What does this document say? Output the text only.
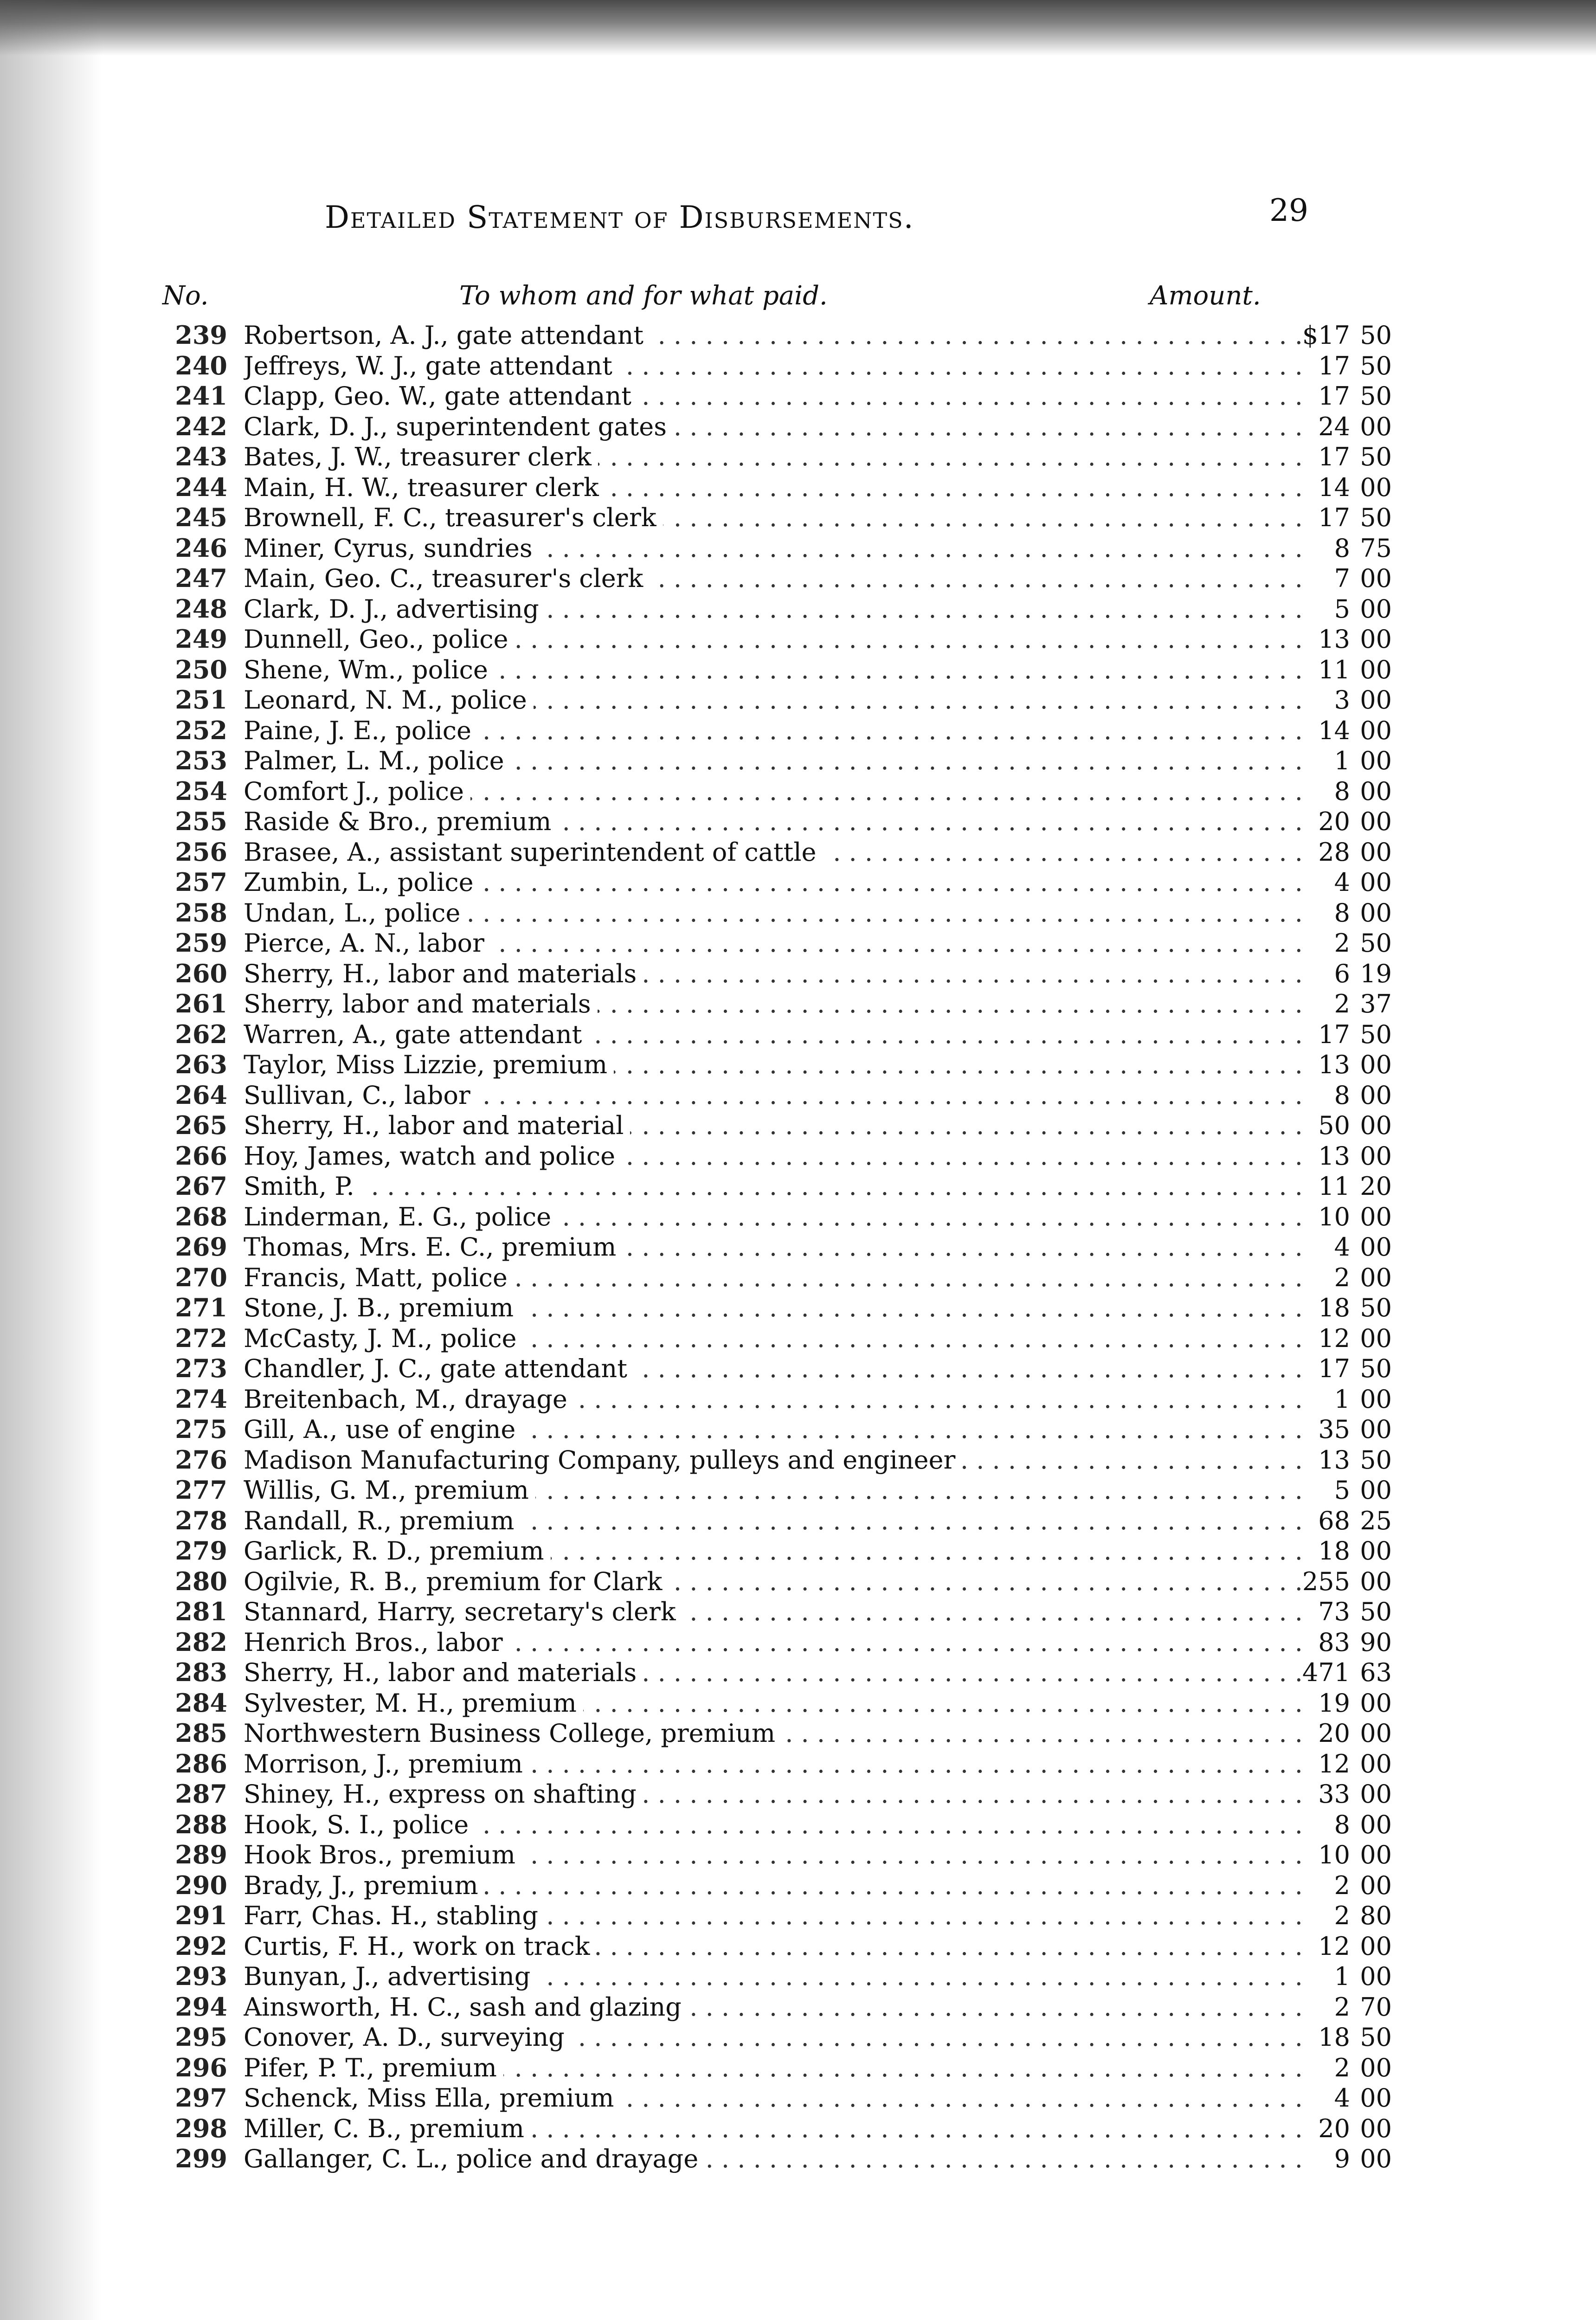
Detailed Statement of Disbursements.	29
No.	To whom and for what paid.	Amount.
239 Robertson, A. J., gate attendant . . .	$17 50
240 Jeffreys, W. J., gate attendant . . .	17 50
241 Clapp, Geo. W., gate attendant . . .	17 50
242 Clark, D. J., superintendent gates . . .	24 00
243 Bates, J. W., treasurer clerk . . .	17 50
244 Main, H. W., treasurer clerk . . .	14 00
245 Brownell, F. C., treasurer's clerk . . .	17 50
246 Miner, Cyrus, sundries . . .	8 75
247 Main, Geo. C., treasurer's clerk . . .	7 00
248 Clark, D. J., advertising . . .	5 00
249 Dunnell, Geo., police . . .	13 00
250 Shene, Wm., police . . .	11 00
251 Leonard, N. M., police . . .	3 00
252 Paine, J. E., police . . .	14 00
253 Palmer, L. M., police . . .	1 00
254 Comfort J., police . . .	8 00
255 Raside & Bro., premium . . .	20 00
256 Brasee, A., assistant superintendent of cattle . . .	28 00
257 Zumbin, L., police . . .	4 00
258 Undan, L., police . . .	8 00
259 Pierce, A. N., labor . . .	2 50
260 Sherry, H., labor and materials . . .	6 19
261 Sherry, labor and materials . . .	2 37
262 Warren, A., gate attendant . . .	17 50
263 Taylor, Miss Lizzie, premium . . .	13 00
264 Sullivan, C., labor . . .	8 00
265 Sherry, H., labor and material . . .	50 00
266 Hoy, James, watch and police . . .	13 00
267 Smith, P. . . .	11 20
268 Linderman, E. G., police . . .	10 00
269 Thomas, Mrs. E. C., premium . . .	4 00
270 Francis, Matt, police . . .	2 00
271 Stone, J. B., premium . . .	18 50
272 McCasty, J. M., police . . .	12 00
273 Chandler, J. C., gate attendant . . .	17 50
274 Breitenbach, M., drayage . . .	1 00
275 Gill, A., use of engine . . .	35 00
276 Madison Manufacturing Company, pulleys and engineer . . .	13 50
277 Willis, G. M., premium . . .	5 00
278 Randall, R., premium . . .	68 25
279 Garlick, R. D., premium . . .	18 00
280 Ogilvie, R. B., premium for Clark . . .	255 00
281 Stannard, Harry, secretary's clerk . . .	73 50
282 Henrich Bros., labor . . .	83 90
283 Sherry, H., labor and materials . . .	471 63
284 Sylvester, M. H., premium . . .	19 00
285 Northwestern Business College, premium . . .	20 00
286 Morrison, J., premium . . .	12 00
287 Shiney, H., express on shafting . . .	33 00
288 Hook, S. I., police . . .	8 00
289 Hook Bros., premium . . .	10 00
290 Brady, J., premium . . .	2 00
291 Farr, Chas. H., stabling . . .	2 80
292 Curtis, F. H., work on track . . .	12 00
293 Bunyan, J., advertising . . .	1 00
294 Ainsworth, H. C., sash and glazing . . .	2 70
295 Conover, A. D., surveying . . .	18 50
296 Pifer, P. T., premium . . .	2 00
297 Schenck, Miss Ella, premium . . .	4 00
298 Miller, C. B., premium . . .	20 00
299 Gallanger, C. L., police and drayage . . .	9 00
